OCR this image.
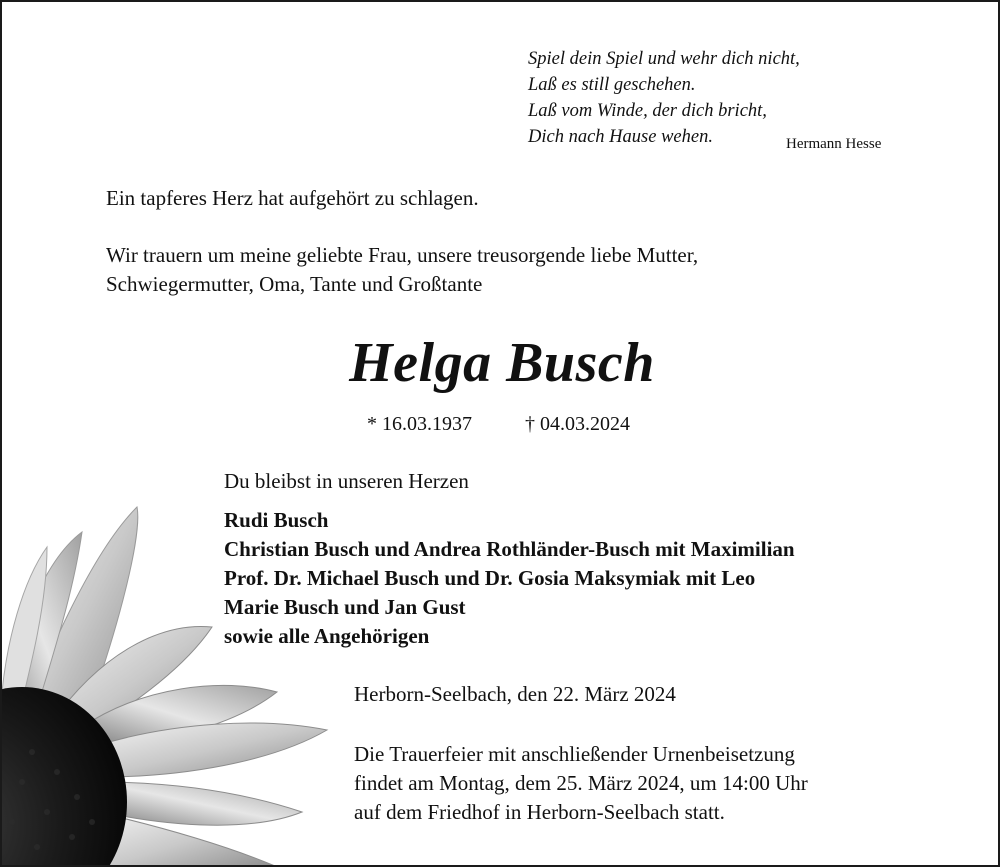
Spiel dein Spiel und wehr dich nicht,
Laß es still geschehen.
Laß vom Winde, der dich bricht,
Dich nach Hause wehen.	Hermann Hesse
Ein tapferes Herz hat aufgehört zu schlagen.
Wir trauern um meine geliebte Frau, unsere treusorgende liebe Mutter,
Schwiegermutter, Oma, Tante und Großtante
Helga Busch
* 16.03.1937	† 04.03.2024
Du bleibst in unseren Herzen
Rudi Busch
Christian Busch und Andrea Rothländer-Busch mit Maximilian
Prof. Dr. Michael Busch und Dr. Gosia Maksymiak mit Leo
Marie Busch und Jan Gust
sowie alle Angehörigen
Herborn-Seelbach, den 22. März 2024
Die Trauerfeier mit anschließender Urnenbeisetzung
findet am Montag, dem 25. März 2024, um 14:00 Uhr
auf dem Friedhof in Herborn-Seelbach statt.
